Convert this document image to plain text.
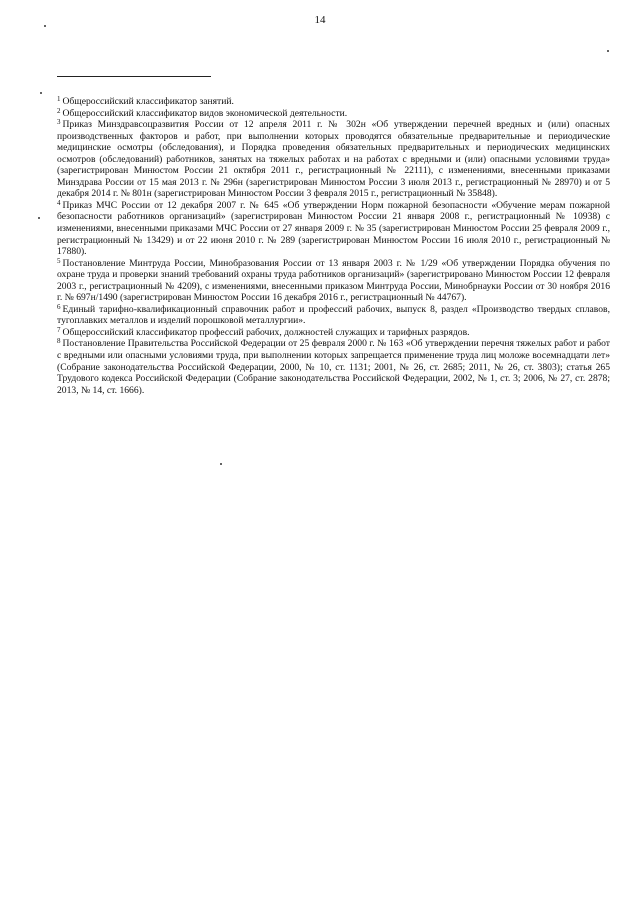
14

$^1$ Общероссийский классификатор занятий.

$^2$ Общероссийский классификатор видов экономической деятельности.

$^3$ Приказ Минздравсоцразвития России от 12 апреля 2011 г. № 302н «Об утверждении перечней вредных и (или) опасных производственных факторов и работ, при выполнении которых проводятся обязательные предварительные и периодические медицинские осмотры (обследования), и Порядка проведения обязательных предварительных и периодических медицинских осмотров (обследований) работников, занятых на тяжелых работах и на работах с вредными и (или) опасными условиями труда» (зарегистрирован Минюстом России 21 октября 2011 г., регистрационный № 22111), с изменениями, внесенными приказами Минздрава России от 15 мая 2013 г. № 296н (зарегистрирован Минюстом России 3 июля 2013 г., регистрационный № 28970) и от 5 декабря 2014 г. № 801н (зарегистрирован Минюстом России 3 февраля 2015 г., регистрационный № 35848).

$^4$ Приказ МЧС России от 12 декабря 2007 г. № 645 «Об утверждении Норм пожарной безопасности «Обучение мерам пожарной безопасности работников организаций» (зарегистрирован Минюстом России 21 января 2008 г., регистрационный № 10938) с изменениями, внесенными приказами МЧС России от 27 января 2009 г. № 35 (зарегистрирован Минюстом России 25 февраля 2009 г., регистрационный № 13429) и от 22 июня 2010 г. № 289 (зарегистрирован Минюстом России 16 июля 2010 г., регистрационный № 17880).

$^5$ Постановление Минтруда России, Минобразования России от 13 января 2003 г. № 1/29 «Об утверждении Порядка обучения по охране труда и проверки знаний требований охраны труда работников организаций» (зарегистрировано Минюстом России 12 февраля 2003 г., регистрационный № 4209), с изменениями, внесенными приказом Минтруда России, Минобрнауки России от 30 ноября 2016 г. № 697н/1490 (зарегистрирован Минюстом России 16 декабря 2016 г., регистрационный № 44767).

$^6$ Единый тарифно-квалификационный справочник работ и профессий рабочих, выпуск 8, раздел «Производство твердых сплавов, тугоплавких металлов и изделий порошковой металлургии».

$^7$ Общероссийский классификатор профессий рабочих, должностей служащих и тарифных разрядов.

$^8$ Постановление Правительства Российской Федерации от 25 февраля 2000 г. № 163 «Об утверждении перечня тяжелых работ и работ с вредными или опасными условиями труда, при выполнении которых запрещается применение труда лиц моложе восемнадцати лет» (Собрание законодательства Российской Федерации, 2000, № 10, ст. 1131; 2001, № 26, ст. 2685; 2011, № 26, ст. 3803); статья 265 Трудового кодекса Российской Федерации (Собрание законодательства Российской Федерации, 2002, № 1, ст. 3; 2006, № 27, ст. 2878; 2013, № 14, ст. 1666).
